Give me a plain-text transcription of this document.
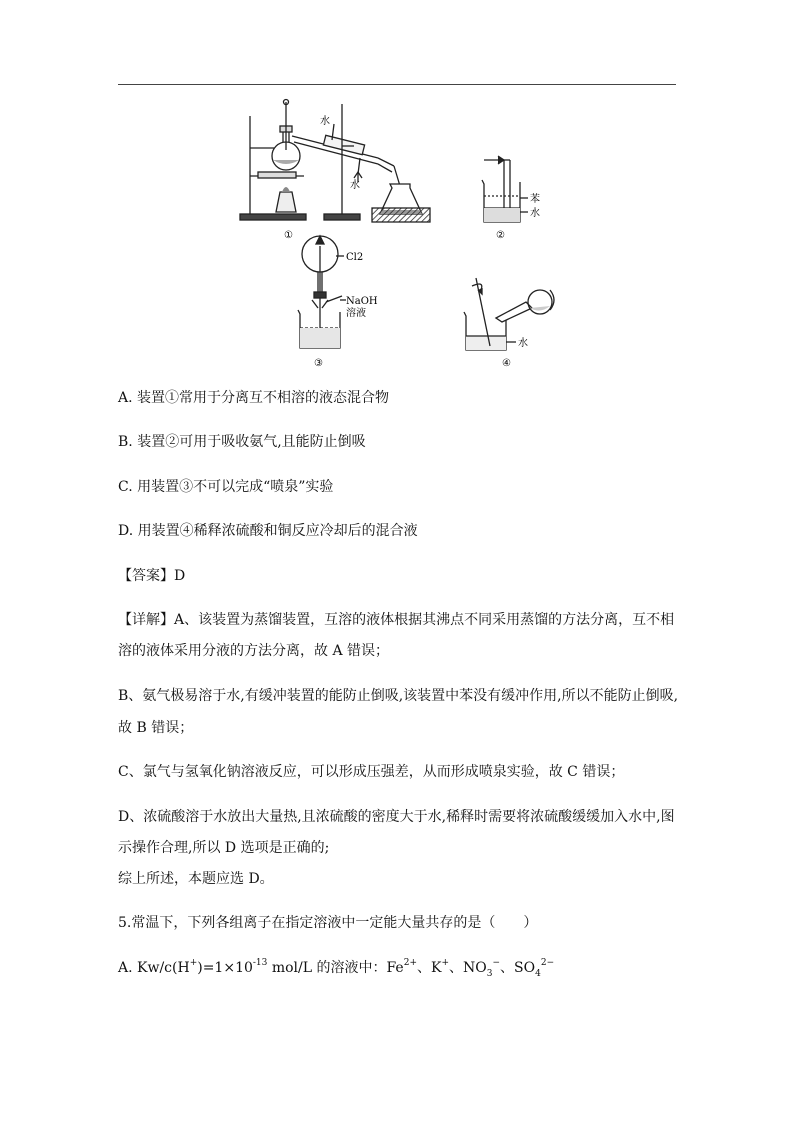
水
水
苯
水
Cl2
NaOH
溶液
水
①	②
③	④
A. 装置①常用于分离互不相溶的液态混合物
B. 装置②可用于吸收氨气,且能防止倒吸
C. 用装置③不可以完成“喷泉”实验
D. 用装置④稀释浓硫酸和铜反应冷却后的混合液
【答案】D
【详解】A、该装置为蒸馏装置，互溶的液体根据其沸点不同采用蒸馏的方法分离，互不相
溶的液体采用分液的方法分离，故 A 错误；
B、氨气极易溶于水,有缓冲装置的能防止倒吸,该装置中苯没有缓冲作用,所以不能防止倒吸,
故 B 错误；
C、氯气与氢氧化钠溶液反应，可以形成压强差，从而形成喷泉实验，故 C 错误；
D、浓硫酸溶于水放出大量热,且浓硫酸的密度大于水,稀释时需要将浓硫酸缓缓加入水中,图
示操作合理,所以 D 选项是正确的;
综上所述，本题应选 D。
5.常温下，下列各组离子在指定溶液中一定能大量共存的是（　　）
A. $Kw/c(H^+)=1\times 10^{-13}$ mol/L 的溶液中：$Fe^{2+}$、K+、$NO_3^-$、$SO_4^{2-}$
